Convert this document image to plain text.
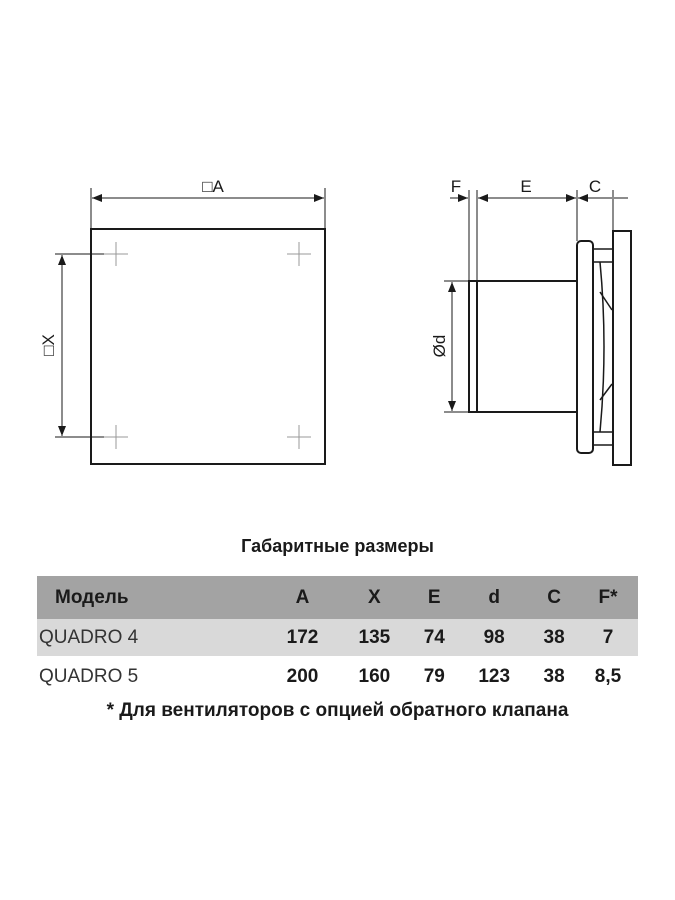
□A
□X
F	E	C
Ød
Габаритные размеры
Модель	A	X	E	d	C	F*
QUADRO 4	172	135	74	98	38	7
QUADRO 5	200	160	79	123	38	8,5
* Для вентиляторов с опцией обратного клапана
